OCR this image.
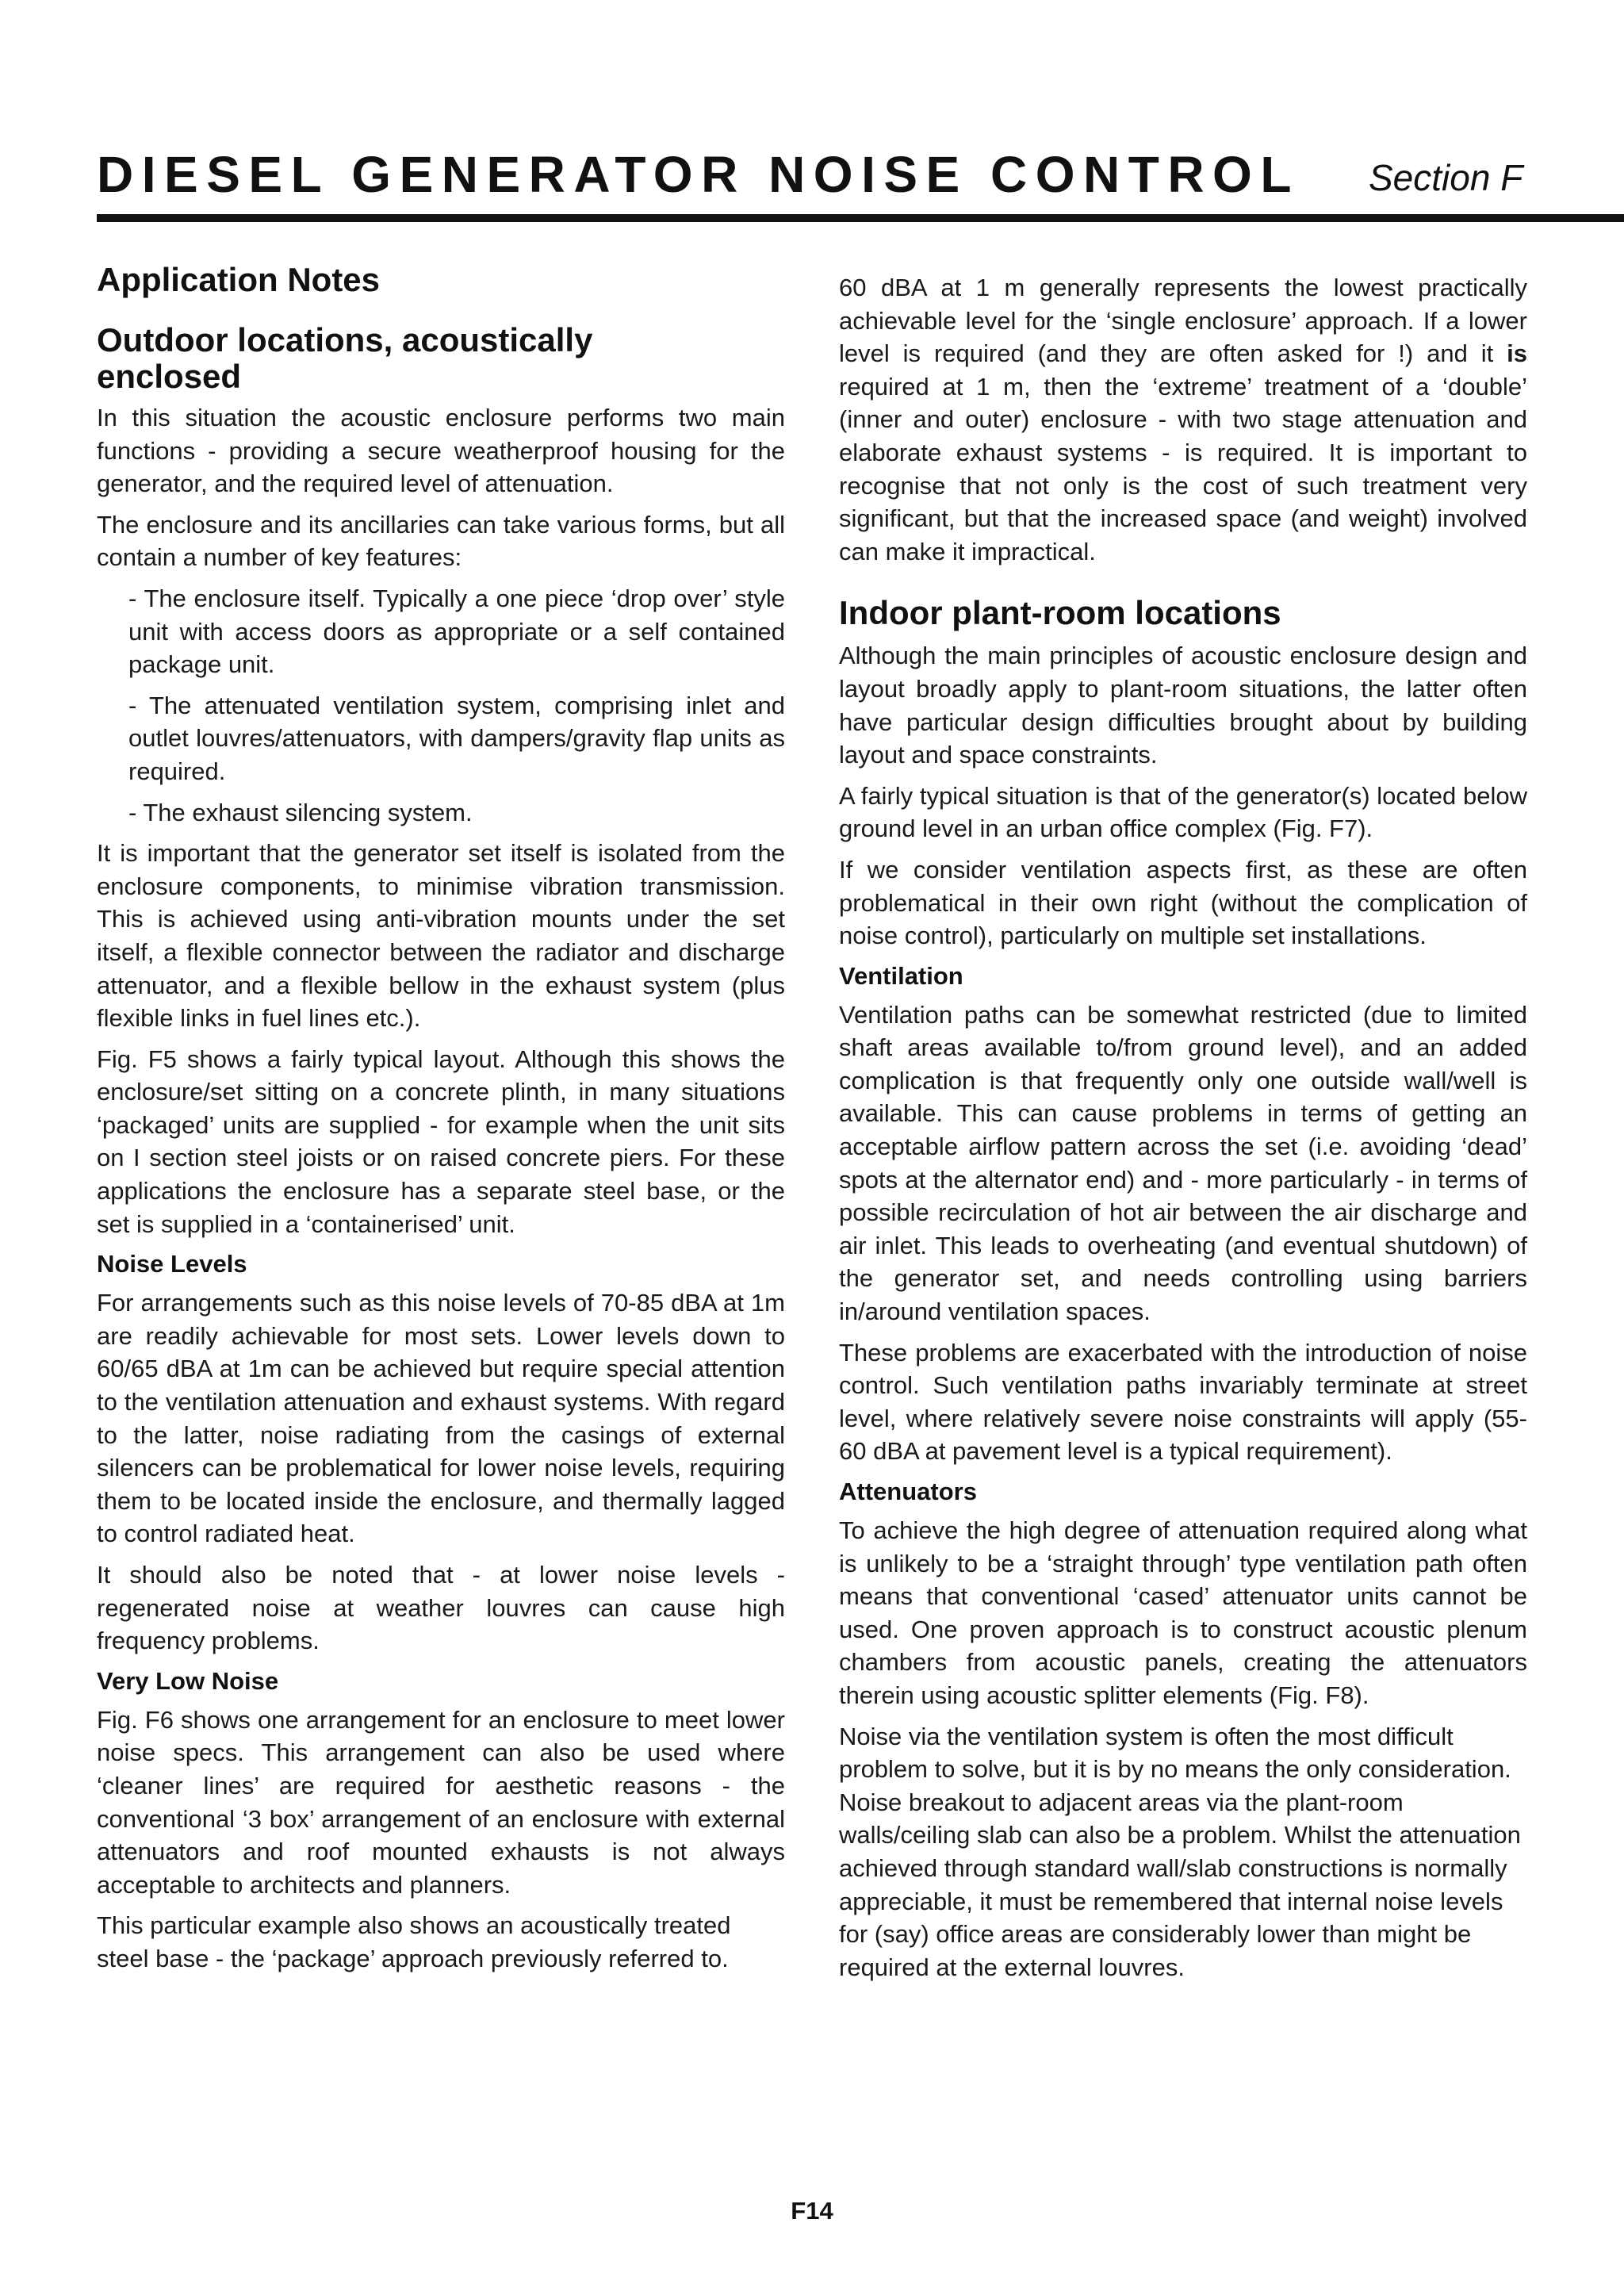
DIESEL GENERATOR NOISE CONTROL Section F
Application Notes
Outdoor locations, acoustically enclosed

In this situation the acoustic enclosure performs two main functions - providing a secure weatherproof housing for the generator, and the required level of attenuation.

The enclosure and its ancillaries can take various forms, but all contain a number of key features:

- The enclosure itself. Typically a one piece ‘drop over’ style unit with access doors as appropriate or a self contained package unit.

- The attenuated ventilation system, comprising inlet and outlet louvres/attenuators, with dampers/gravity flap units as required.

- The exhaust silencing system.

It is important that the generator set itself is isolated from the enclosure components, to minimise vibration transmission. This is achieved using anti-vibration mounts under the set itself, a flexible connector between the radiator and discharge attenuator, and a flexible bellow in the exhaust system (plus flexible links in fuel lines etc.).

Fig. F5 shows a fairly typical layout. Although this shows the enclosure/set sitting on a concrete plinth, in many situations ‘packaged’ units are supplied - for example when the unit sits on I section steel joists or on raised concrete piers. For these applications the enclosure has a separate steel base, or the set is supplied in a ‘containerised’ unit.

Noise Levels

For arrangements such as this noise levels of 70-85 dBA at 1m are readily achievable for most sets. Lower levels down to 60/65 dBA at 1m can be achieved but require special attention to the ventilation attenuation and exhaust systems. With regard to the latter, noise radiating from the casings of external silencers can be problematical for lower noise levels, requiring them to be located inside the enclosure, and thermally lagged to control radiated heat.

It should also be noted that - at lower noise levels - regenerated noise at weather louvres can cause high frequency problems.

Very Low Noise

Fig. F6 shows one arrangement for an enclosure to meet lower noise specs. This arrangement can also be used where ‘cleaner lines’ are required for aesthetic reasons - the conventional ‘3 box’ arrangement of an enclosure with external attenuators and roof mounted exhausts is not always acceptable to architects and planners.

This particular example also shows an acoustically treated steel base - the ‘package’ approach previously referred to.

60 dBA at 1 m generally represents the lowest practically achievable level for the ‘single enclosure’ approach. If a lower level is required (and they are often asked for !) and it is required at 1 m, then the ‘extreme’ treatment of a ‘double’ (inner and outer) enclosure - with two stage attenuation and elaborate exhaust systems - is required. It is important to recognise that not only is the cost of such treatment very significant, but that the increased space (and weight) involved can make it impractical.

Indoor plant-room locations

Although the main principles of acoustic enclosure design and layout broadly apply to plant-room situations, the latter often have particular design difficulties brought about by building layout and space constraints.

A fairly typical situation is that of the generator(s) located below ground level in an urban office complex (Fig. F7).

If we consider ventilation aspects first, as these are often problematical in their own right (without the complication of noise control), particularly on multiple set installations.

Ventilation

Ventilation paths can be somewhat restricted (due to limited shaft areas available to/from ground level), and an added complication is that frequently only one outside wall/well is available. This can cause problems in terms of getting an acceptable airflow pattern across the set (i.e. avoiding ‘dead’ spots at the alternator end) and - more particularly - in terms of possible recirculation of hot air between the air discharge and air inlet. This leads to overheating (and eventual shutdown) of the generator set, and needs controlling using barriers in/around ventilation spaces.

These problems are exacerbated with the introduction of noise control. Such ventilation paths invariably terminate at street level, where relatively severe noise constraints will apply (55-60 dBA at pavement level is a typical requirement).

Attenuators

To achieve the high degree of attenuation required along what is unlikely to be a ‘straight through’ type ventilation path often means that conventional ‘cased’ attenuator units cannot be used. One proven approach is to construct acoustic plenum chambers from acoustic panels, creating the attenuators therein using acoustic splitter elements (Fig. F8).

Noise via the ventilation system is often the most difficult problem to solve, but it is by no means the only consideration. Noise breakout to adjacent areas via the plant-room walls/ceiling slab can also be a problem. Whilst the attenuation achieved through standard wall/slab constructions is normally appreciable, it must be remembered that internal noise levels for (say) office areas are considerably lower than might be required at the external louvres.

F14
